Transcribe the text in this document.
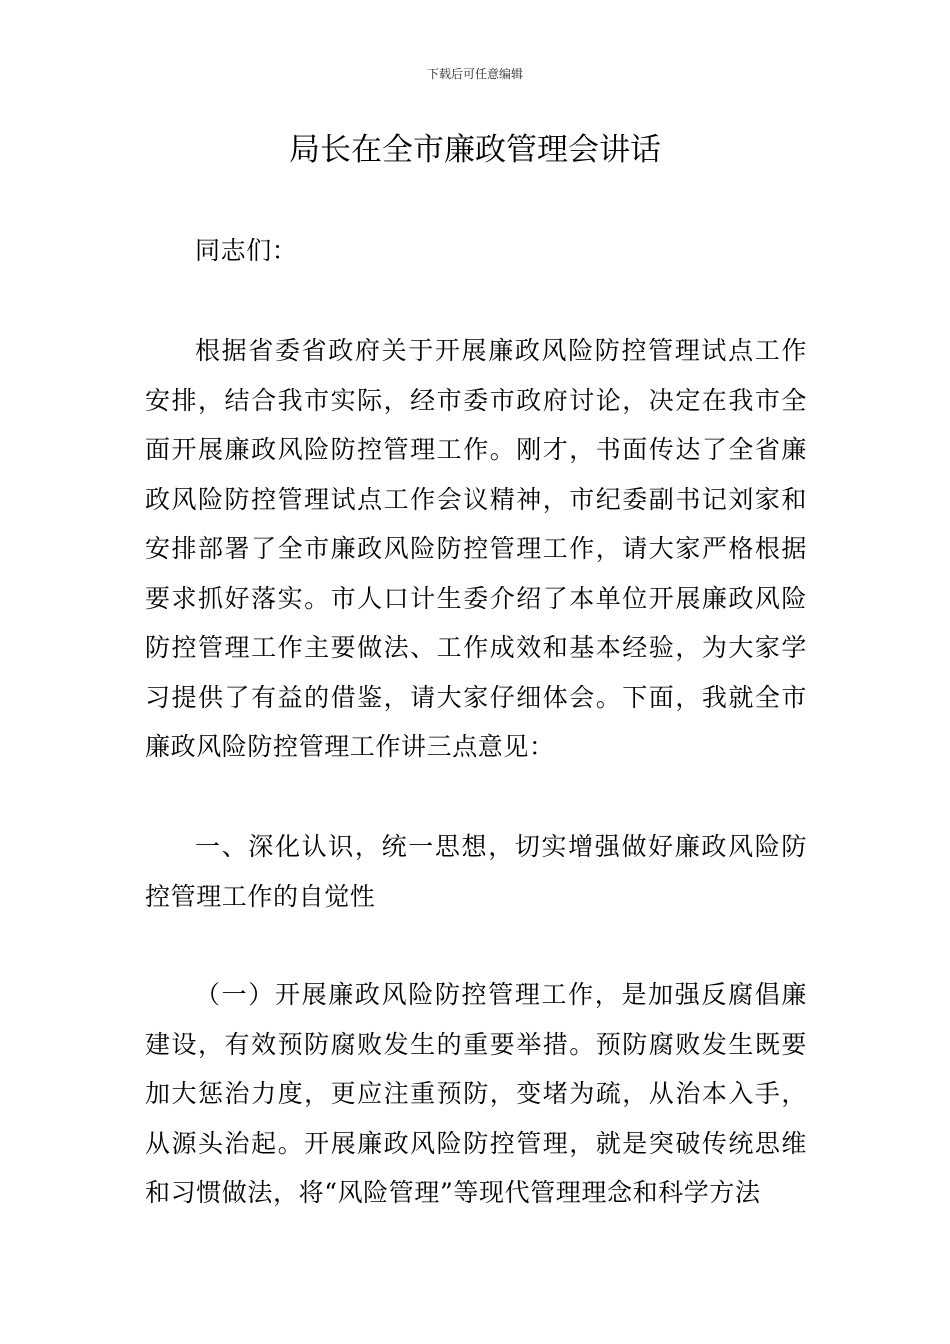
下载后可任意编辑
局长在全市廉政管理会讲话

同志们：

根据省委省政府关于开展廉政风险防控管理试点工作安排，结合我市实际，经市委市政府讨论，决定在我市全面开展廉政风险防控管理工作。刚才，书面传达了全省廉政风险防控管理试点工作会议精神，市纪委副书记刘家和安排部署了全市廉政风险防控管理工作，请大家严格根据要求抓好落实。市人口计生委介绍了本单位开展廉政风险防控管理工作主要做法、工作成效和基本经验，为大家学习提供了有益的借鉴，请大家仔细体会。下面，我就全市廉政风险防控管理工作讲三点意见：

一、深化认识，统一思想，切实增强做好廉政风险防控管理工作的自觉性

（一）开展廉政风险防控管理工作，是加强反腐倡廉建设，有效预防腐败发生的重要举措。预防腐败发生既要加大惩治力度，更应注重预防，变堵为疏，从治本入手，从源头治起。开展廉政风险防控管理，就是突破传统思维和习惯做法，将“风险管理”等现代管理理念和科学方法
